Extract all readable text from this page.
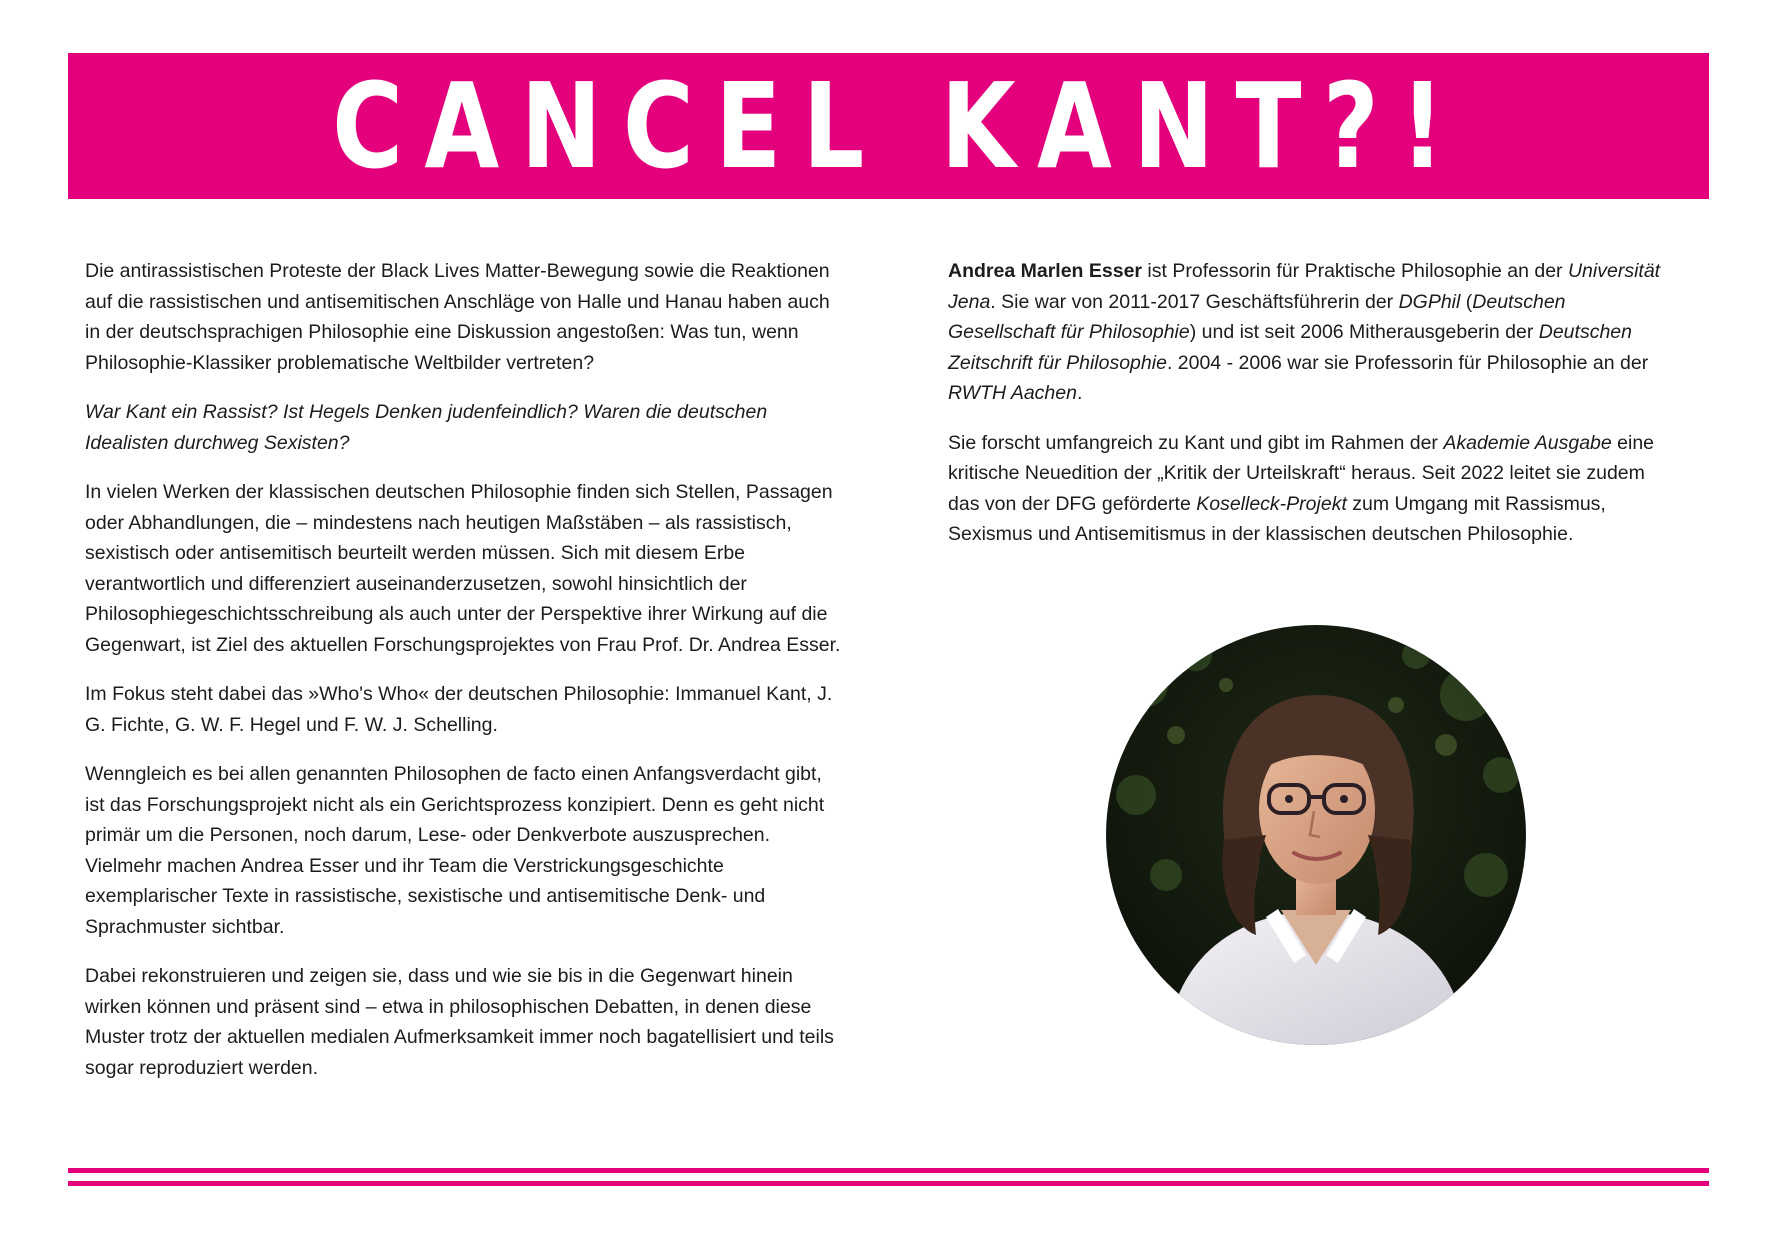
CANCEL KANT?!

Die antirassistischen Proteste der Black Lives Matter-Bewegung sowie die Reaktionen auf die rassistischen und antisemitischen Anschläge von Halle und Hanau haben auch in der deutschsprachigen Philosophie eine Diskussion angestoßen: Was tun, wenn Philosophie-Klassiker problematische Weltbilder vertreten?

War Kant ein Rassist? Ist Hegels Denken judenfeindlich? Waren die deutschen Idealisten durchweg Sexisten?

In vielen Werken der klassischen deutschen Philosophie finden sich Stellen, Passagen oder Abhandlungen, die – mindestens nach heutigen Maßstäben – als rassistisch, sexistisch oder antisemitisch beurteilt werden müssen. Sich mit diesem Erbe verantwortlich und differenziert auseinanderzusetzen, sowohl hinsichtlich der Philosophiegeschichtsschreibung als auch unter der Perspektive ihrer Wirkung auf die Gegenwart, ist Ziel des aktuellen Forschungsprojektes von Frau Prof. Dr. Andrea Esser.

Im Fokus steht dabei das »Who's Who« der deutschen Philosophie: Immanuel Kant, J. G. Fichte, G. W. F. Hegel und F. W. J. Schelling.

Wenngleich es bei allen genannten Philosophen de facto einen Anfangsverdacht gibt, ist das Forschungsprojekt nicht als ein Gerichtsprozess konzipiert. Denn es geht nicht primär um die Personen, noch darum, Lese- oder Denkverbote auszusprechen. Vielmehr machen Andrea Esser und ihr Team die Verstrickungsgeschichte exemplarischer Texte in rassistische, sexistische und antisemitische Denk- und Sprachmuster sichtbar.

Dabei rekonstruieren und zeigen sie, dass und wie sie bis in die Gegenwart hinein wirken können und präsent sind – etwa in philosophischen Debatten, in denen diese Muster trotz der aktuellen medialen Aufmerksamkeit immer noch bagatellisiert und teils sogar reproduziert werden.

Andrea Marlen Esser ist Professorin für Praktische Philosophie an der Universität Jena. Sie war von 2011-2017 Geschäftsführerin der DGPhil (Deutschen Gesellschaft für Philosophie) und ist seit 2006 Mitherausgeberin der Deutschen Zeitschrift für Philosophie. 2004 - 2006 war sie Professorin für Philosophie an der RWTH Aachen.

Sie forscht umfangreich zu Kant und gibt im Rahmen der Akademie Ausgabe eine kritische Neuedition der „Kritik der Urteilskraft“ heraus. Seit 2022 leitet sie zudem das von der DFG geförderte Koselleck-Projekt zum Umgang mit Rassismus, Sexismus und Antisemitismus in der klassischen deutschen Philosophie.
